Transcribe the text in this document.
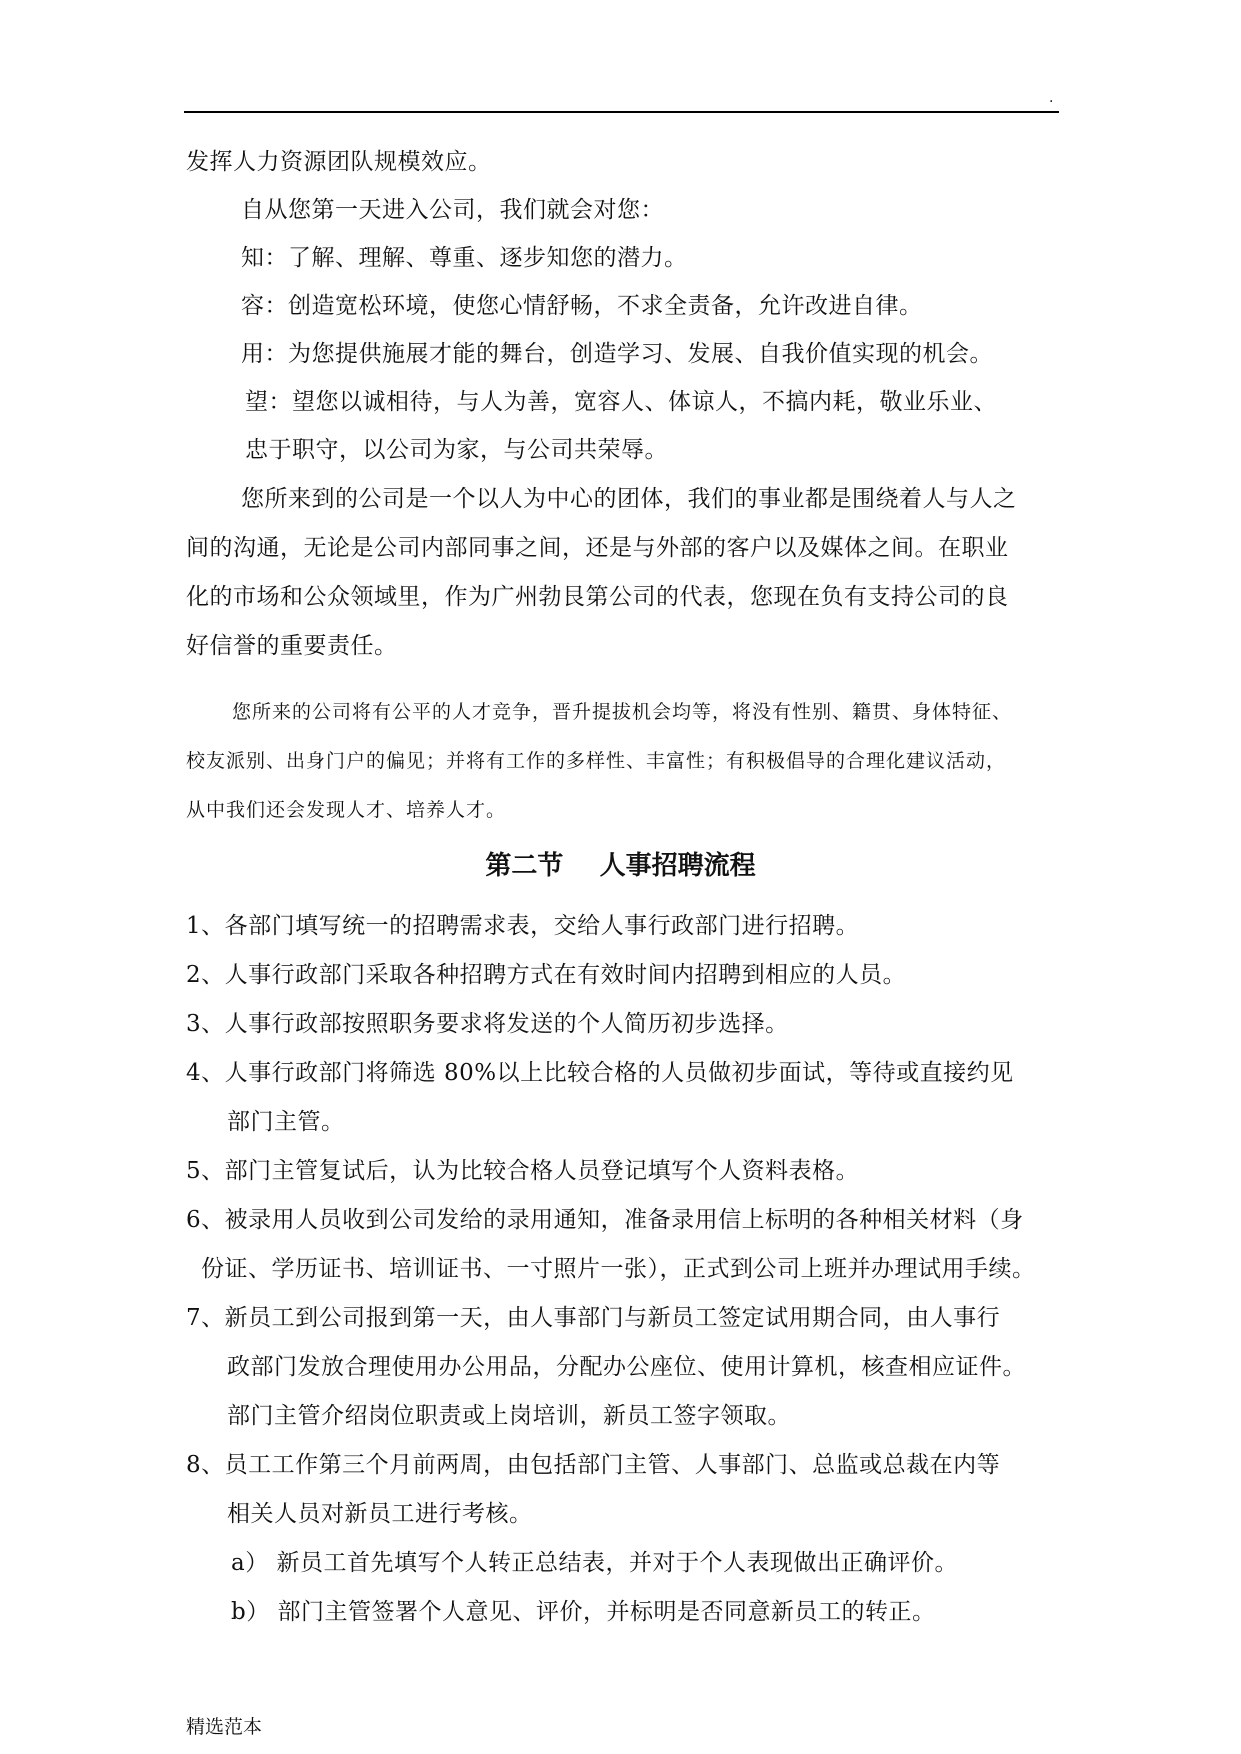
.
发挥人力资源团队规模效应。
自从您第一天进入公司，我们就会对您：
知：了解、理解、尊重、逐步知您的潜力。
容：创造宽松环境，使您心情舒畅，不求全责备，允许改进自律。
用：为您提供施展才能的舞台，创造学习、发展、自我价值实现的机会。
望：望您以诚相待，与人为善，宽容人、体谅人，不搞内耗，敬业乐业、
忠于职守，以公司为家，与公司共荣辱。
您所来到的公司是一个以人为中心的团体，我们的事业都是围绕着人与人之
间的沟通，无论是公司内部同事之间，还是与外部的客户以及媒体之间。在职业
化的市场和公众领域里，作为广州勃艮第公司的代表，您现在负有支持公司的良
好信誉的重要责任。
您所来的公司将有公平的人才竞争，晋升提拔机会均等，将没有性别、籍贯、身体特征、
校友派别、出身门户的偏见；并将有工作的多样性、丰富性；有积极倡导的合理化建议活动，
从中我们还会发现人才、培养人才。
第二节    人事招聘流程
1、各部门填写统一的招聘需求表，交给人事行政部门进行招聘。
2、人事行政部门采取各种招聘方式在有效时间内招聘到相应的人员。
3、人事行政部按照职务要求将发送的个人简历初步选择。
4、人事行政部门将筛选 80%以上比较合格的人员做初步面试，等待或直接约见
部门主管。
5、部门主管复试后，认为比较合格人员登记填写个人资料表格。
6、被录用人员收到公司发给的录用通知，准备录用信上标明的各种相关材料（身
份证、学历证书、培训证书、一寸照片一张），正式到公司上班并办理试用手续。
7、新员工到公司报到第一天，由人事部门与新员工签定试用期合同，由人事行
政部门发放合理使用办公用品，分配办公座位、使用计算机，核查相应证件。
部门主管介绍岗位职责或上岗培训，新员工签字领取。
8、员工工作第三个月前两周，由包括部门主管、人事部门、总监或总裁在内等
相关人员对新员工进行考核。
a） 新员工首先填写个人转正总结表，并对于个人表现做出正确评价。
b） 部门主管签署个人意见、评价，并标明是否同意新员工的转正。
精选范本
